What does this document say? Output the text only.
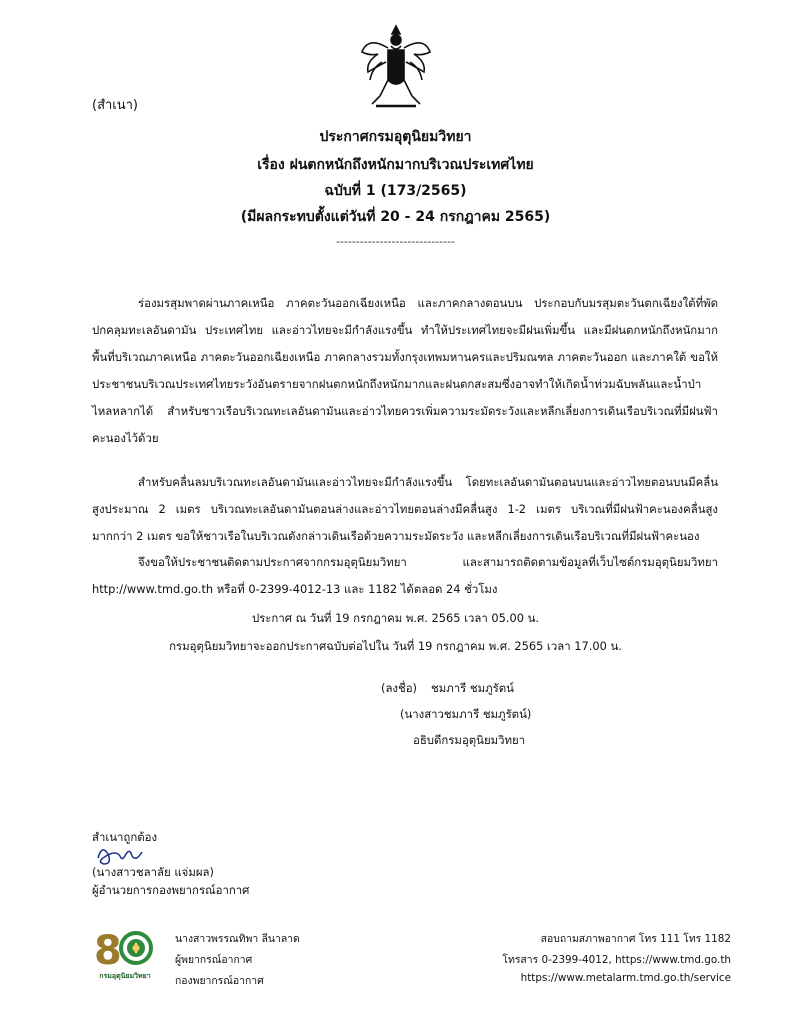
(สำเนา)
ประกาศกรมอุตุนิยมวิทยา
เรื่อง ฝนตกหนักถึงหนักมากบริเวณประเทศไทย
ฉบับที่ 1 (173/2565)
(มีผลกระทบตั้งแต่วันที่ 20 - 24 กรกฎาคม 2565)
------------------------------
ร่องมรสุมพาดผ่านภาคเหนือ ภาคตะวันออกเฉียงเหนือ และภาคกลางตอนบน ประกอบกับมรสุมตะวันตกเฉียงใต้ที่พัดปกคลุมทะเลอันดามัน ประเทศไทย และอ่าวไทยจะมีกำลังแรงขึ้น ทำให้ประเทศไทยจะมีฝนเพิ่มขึ้น และมีฝนตกหนักถึงหนักมากพื้นที่บริเวณภาคเหนือ ภาคตะวันออกเฉียงเหนือ ภาคกลางรวมทั้งกรุงเทพมหานครและปริมณฑล ภาคตะวันออก และภาคใต้ ขอให้ประชาชนบริเวณประเทศไทยระวังอันตรายจากฝนตกหนักถึงหนักมากและฝนตกสะสมซึ่งอาจทำให้เกิดน้ำท่วมฉับพลันและน้ำป่าไหลหลากได้ สำหรับชาวเรือบริเวณทะเลอันดามันและอ่าวไทยควรเพิ่มความระมัดระวังและหลีกเลี่ยงการเดินเรือบริเวณที่มีฝนฟ้าคะนองไว้ด้วย
สำหรับคลื่นลมบริเวณทะเลอันดามันและอ่าวไทยจะมีกำลังแรงขึ้น โดยทะเลอันดามันตอนบนและอ่าวไทยตอนบนมีคลื่นสูงประมาณ 2 เมตร บริเวณทะเลอันดามันตอนล่างและอ่าวไทยตอนล่างมีคลื่นสูง 1-2 เมตร บริเวณที่มีฝนฟ้าคะนองคลื่นสูงมากกว่า 2 เมตร ขอให้ชาวเรือในบริเวณดังกล่าวเดินเรือด้วยความระมัดระวัง และหลีกเลี่ยงการเดินเรือบริเวณที่มีฝนฟ้าคะนอง
จึงขอให้ประชาชนติดตามประกาศจากกรมอุตุนิยมวิทยา และสามารถติดตามข้อมูลที่เว็บไซต์กรมอุตุนิยมวิทยา http://www.tmd.go.th หรือที่ 0-2399-4012-13 และ 1182 ได้ตลอด 24 ชั่วโมง
ประกาศ ณ วันที่ 19 กรกฎาคม พ.ศ. 2565 เวลา 05.00 น.
กรมอุตุนิยมวิทยาจะออกประกาศฉบับต่อไปใน วันที่ 19 กรกฎาคม พ.ศ. 2565 เวลา 17.00 น.
(ลงชื่อ) ชมภารี ชมภูรัตน์
(นางสาวชมภารี ชมภูรัตน์)
อธิบดีกรมอุตุนิยมวิทยา
สำเนาถูกต้อง
(นางสาวชลาลัย แจ่มผล)
ผู้อำนวยการกองพยากรณ์อากาศ
8
กรมอุตุนิยมวิทยา
นางสาวพรรณทิพา ลีนาลาด
ผู้พยากรณ์อากาศ
กองพยากรณ์อากาศ
สอบถามสภาพอากาศ โทร 111 โทร 1182
โทรสาร 0-2399-4012, https://www.tmd.go.th
https://www.metalarm.tmd.go.th/service
